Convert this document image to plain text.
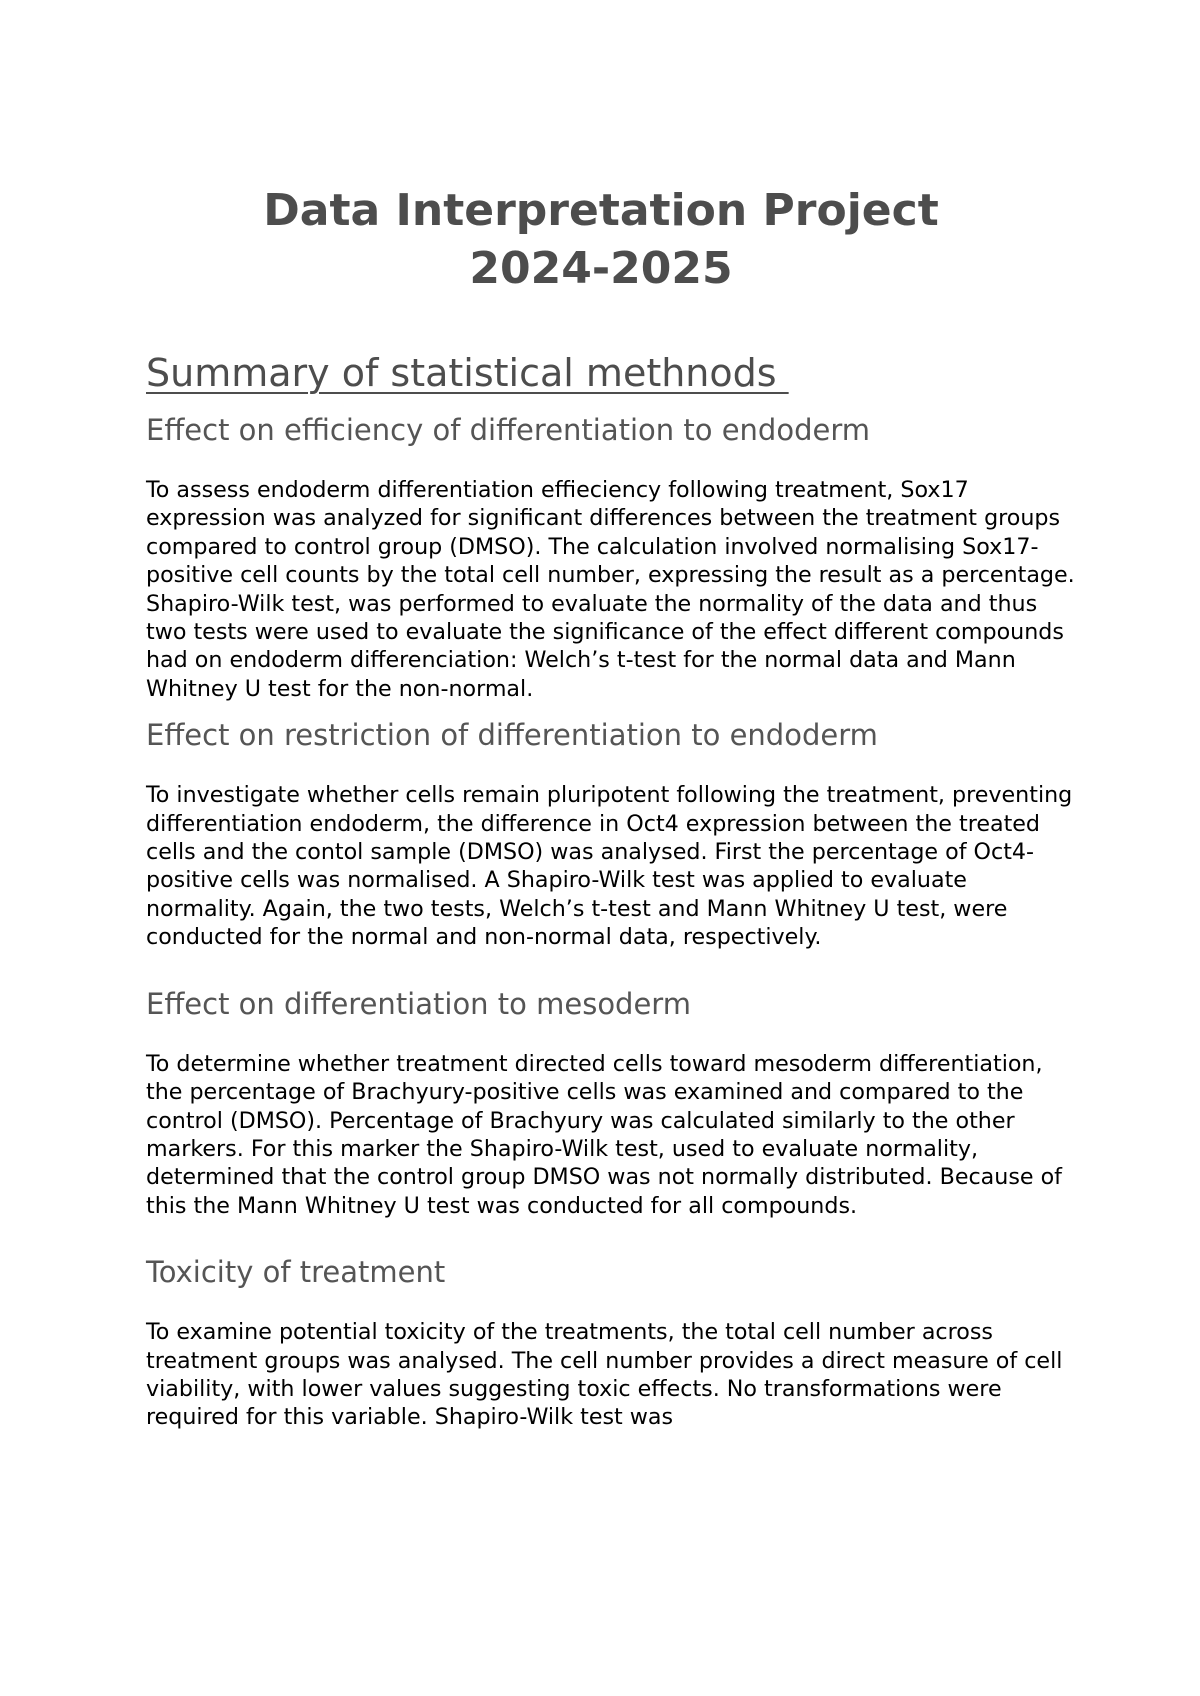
Data Interpretation Project
2024-2025
Summary of statistical methnods
Effect on efficiency of differentiation to endoderm

To assess endoderm differentiation effieciency following treatment, Sox17 expression was analyzed for significant differences between the treatment groups compared to control group (DMSO). The calculation involved normalising Sox17-positive cell counts by the total cell number, expressing the result as a percentage. Shapiro-Wilk test, was performed to evaluate the normality of the data and thus two tests were used to evaluate the significance of the effect different compounds had on endoderm differenciation: Welch’s t-test for the normal data and Mann Whitney U test for the non-normal.

Effect on restriction of differentiation to endoderm

To investigate whether cells remain pluripotent following the treatment, preventing differentiation endoderm, the difference in Oct4 expression between the treated cells and the contol sample (DMSO) was analysed. First the percentage of Oct4-positive cells was normalised. A Shapiro-Wilk test was applied to evaluate normality. Again, the two tests, Welch’s t-test and Mann Whitney U test, were conducted for the normal and non-normal data, respectively.

Effect on differentiation to mesoderm

To determine whether treatment directed cells toward mesoderm differentiation, the percentage of Brachyury-positive cells was examined and compared to the control (DMSO). Percentage of Brachyury was calculated similarly to the other markers. For this marker the Shapiro-Wilk test, used to evaluate normality, determined that the control group DMSO was not normally distributed. Because of this the Mann Whitney U test was conducted for all compounds.

Toxicity of treatment

To examine potential toxicity of the treatments, the total cell number across treatment groups was analysed. The cell number provides a direct measure of cell viability, with lower values suggesting toxic effects. No transformations were required for this variable. Shapiro-Wilk test was
